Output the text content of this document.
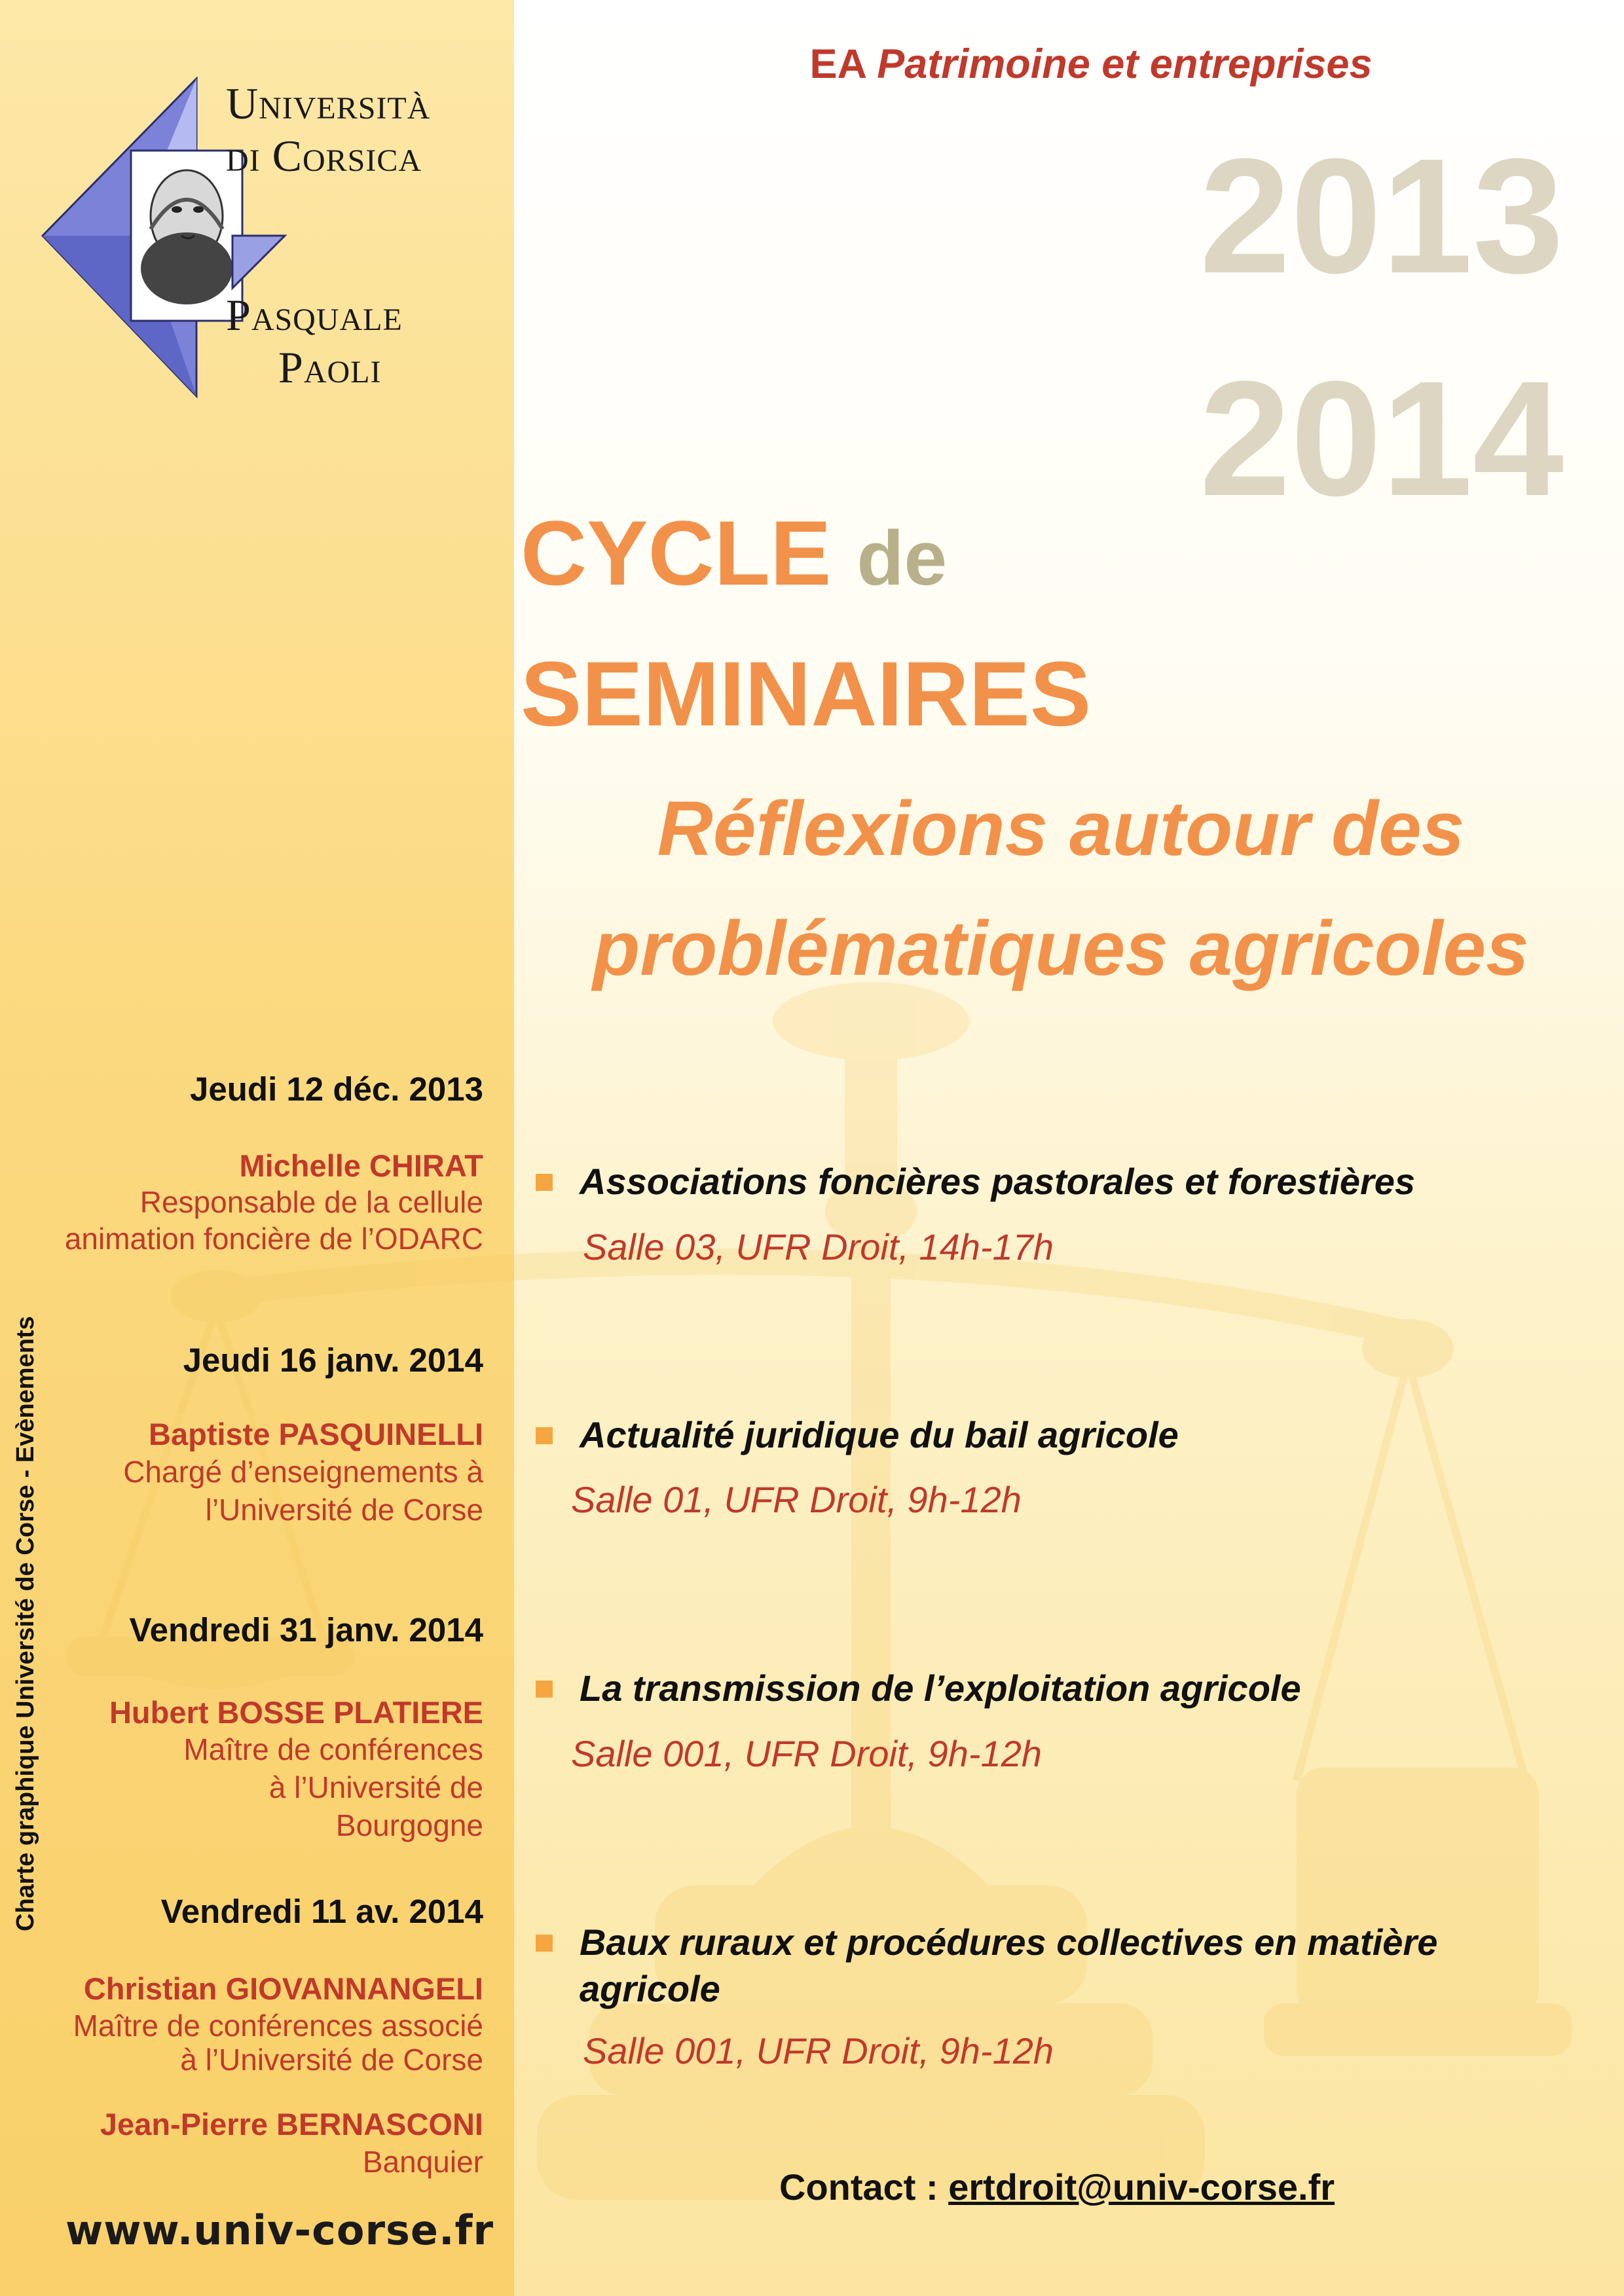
Università
di Corsica
Pasquale
Paoli
EA Patrimoine et entreprises
2013
2014
CYCLE de
SEMINAIRES
Réflexions autour des
problématiques agricoles
Jeudi 12 déc. 2013
Michelle CHIRAT
Responsable de la cellule
animation foncière de l’ODARC
Associations foncières pastorales et forestières
Salle 03, UFR Droit, 14h-17h
Jeudi 16 janv. 2014
Baptiste PASQUINELLI
Chargé d’enseignements à
l’Université de Corse
Actualité juridique du bail agricole
Salle 01, UFR Droit, 9h-12h
Vendredi 31 janv. 2014
Hubert BOSSE PLATIERE
Maître de conférences
à l’Université de
Bourgogne
La transmission de l’exploitation agricole
Salle 001, UFR Droit, 9h-12h
Vendredi 11 av. 2014
Christian GIOVANNANGELI
Maître de conférences associé
à l’Université de Corse
Jean-Pierre BERNASCONI
Banquier
Baux ruraux et procédures collectives en matière
agricole
Salle 001, UFR Droit, 9h-12h
Contact : ertdroit@univ-corse.fr
www.univ-corse.fr
Charte graphique Université de Corse - Evènements
